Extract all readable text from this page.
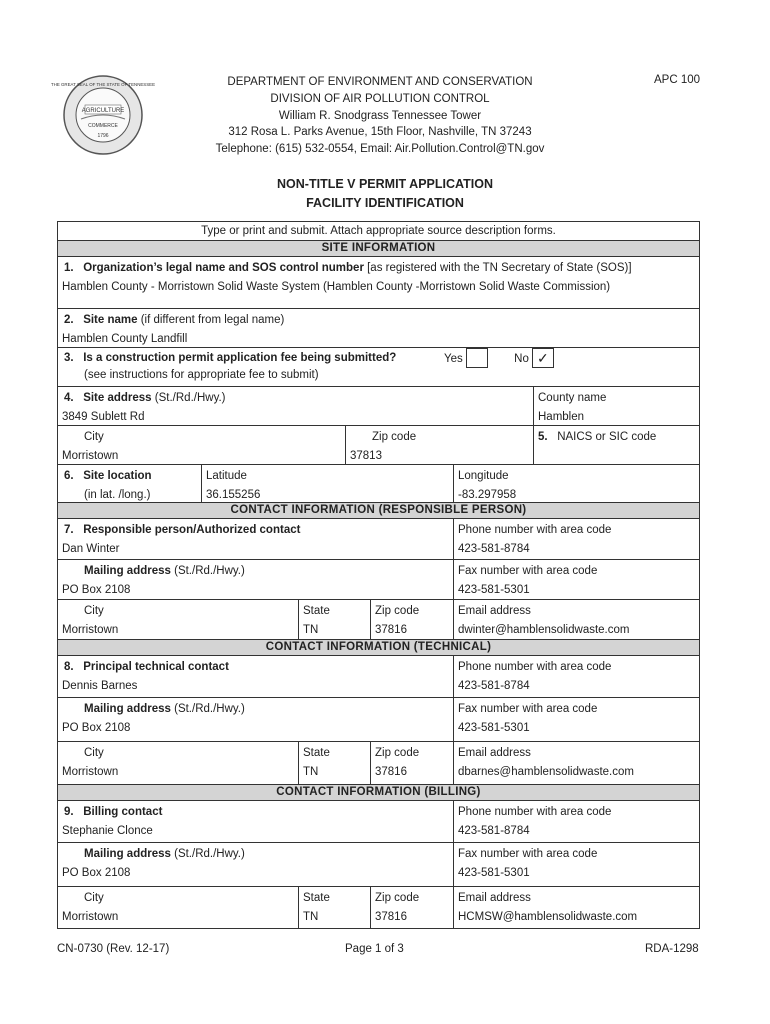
AGRICULTURE
COMMERCE
1796
THE GREAT SEAL OF THE STATE OF TENNESSEE	DEPARTMENT OF ENVIRONMENT AND CONSERVATION
DIVISION OF AIR POLLUTION CONTROL
William R. Snodgrass Tennessee Tower
312 Rosa L. Parks Avenue, 15th Floor, Nashville, TN 37243
Telephone: (615) 532-0554, Email: Air.Pollution.Control@TN.gov
APC 100
NON-TITLE V PERMIT APPLICATION
FACILITY IDENTIFICATION
Type or print and submit. Attach appropriate source description forms.
SITE INFORMATION
1. Organization’s legal name and SOS control number [as registered with the TN Secretary of State (SOS)]
Hamblen County - Morristown Solid Waste System (Hamblen County -Morristown Solid Waste Commission)
2. Site name (if different from legal name)
Hamblen County Landfill
3. Is a construction permit application fee being submitted?
(see instructions for appropriate fee to submit)
Yes	No ✓
4. Site address (St./Rd./Hwy.)
3849 Sublett Rd
County name
Hamblen
City
Morristown
Zip code
37813
5. NAICS or SIC code
6. Site location
(in lat. /long.)
Latitude
36.155256
Longitude
-83.297958
CONTACT INFORMATION (RESPONSIBLE PERSON)
7. Responsible person/Authorized contact
Dan Winter
Phone number with area code
423-581-8784
Mailing address (St./Rd./Hwy.)
PO Box 2108
Fax number with area code
423-581-5301
City
Morristown
State
TN
Zip code
37816
Email address
dwinter@hamblensolidwaste.com
CONTACT INFORMATION (TECHNICAL)
8. Principal technical contact
Dennis Barnes
Phone number with area code
423-581-8784
Mailing address (St./Rd./Hwy.)
PO Box 2108
Fax number with area code
423-581-5301
City
Morristown
State
TN
Zip code
37816
Email address
dbarnes@hamblensolidwaste.com
CONTACT INFORMATION (BILLING)
9. Billing contact
Stephanie Clonce
Phone number with area code
423-581-8784
Mailing address (St./Rd./Hwy.)
PO Box 2108
Fax number with area code
423-581-5301
City
Morristown
State
TN
Zip code
37816
Email address
HCMSW@hamblensolidwaste.com
CN-0730 (Rev. 12-17)	Page 1 of 3	RDA-1298
